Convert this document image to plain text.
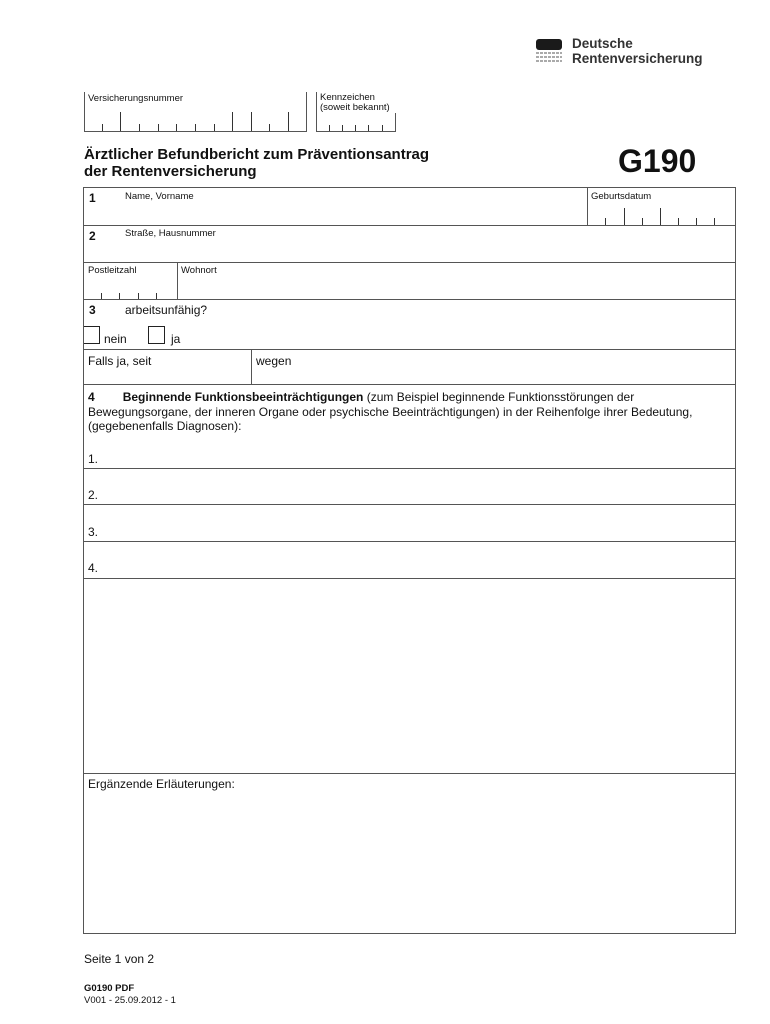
Deutsche
Rentenversicherung
Versicherungsnummer	Kennzeichen
(soweit bekannt)
Ärztlicher Befundbericht zum Präventionsantrag
der Rentenversicherung	G190
1	Name, Vorname	Geburtsdatum
2	Straße, Hausnummer
Postleitzahl	Wohnort
3 arbeitsunfähig?
nein	ja
Falls ja, seit	wegen
4 Beginnende Funktionsbeeinträchtigungen (zum Beispiel beginnende Funktionsstörungen der
Bewegungsorgane, der inneren Organe oder psychische Beeinträchtigungen) in der Reihenfolge ihrer Bedeutung,
(gegebenenfalls Diagnosen):
1.
2.
3.
4.
Ergänzende Erläuterungen:
Seite 1 von 2
G0190 PDF
V001 - 25.09.2012 - 1
